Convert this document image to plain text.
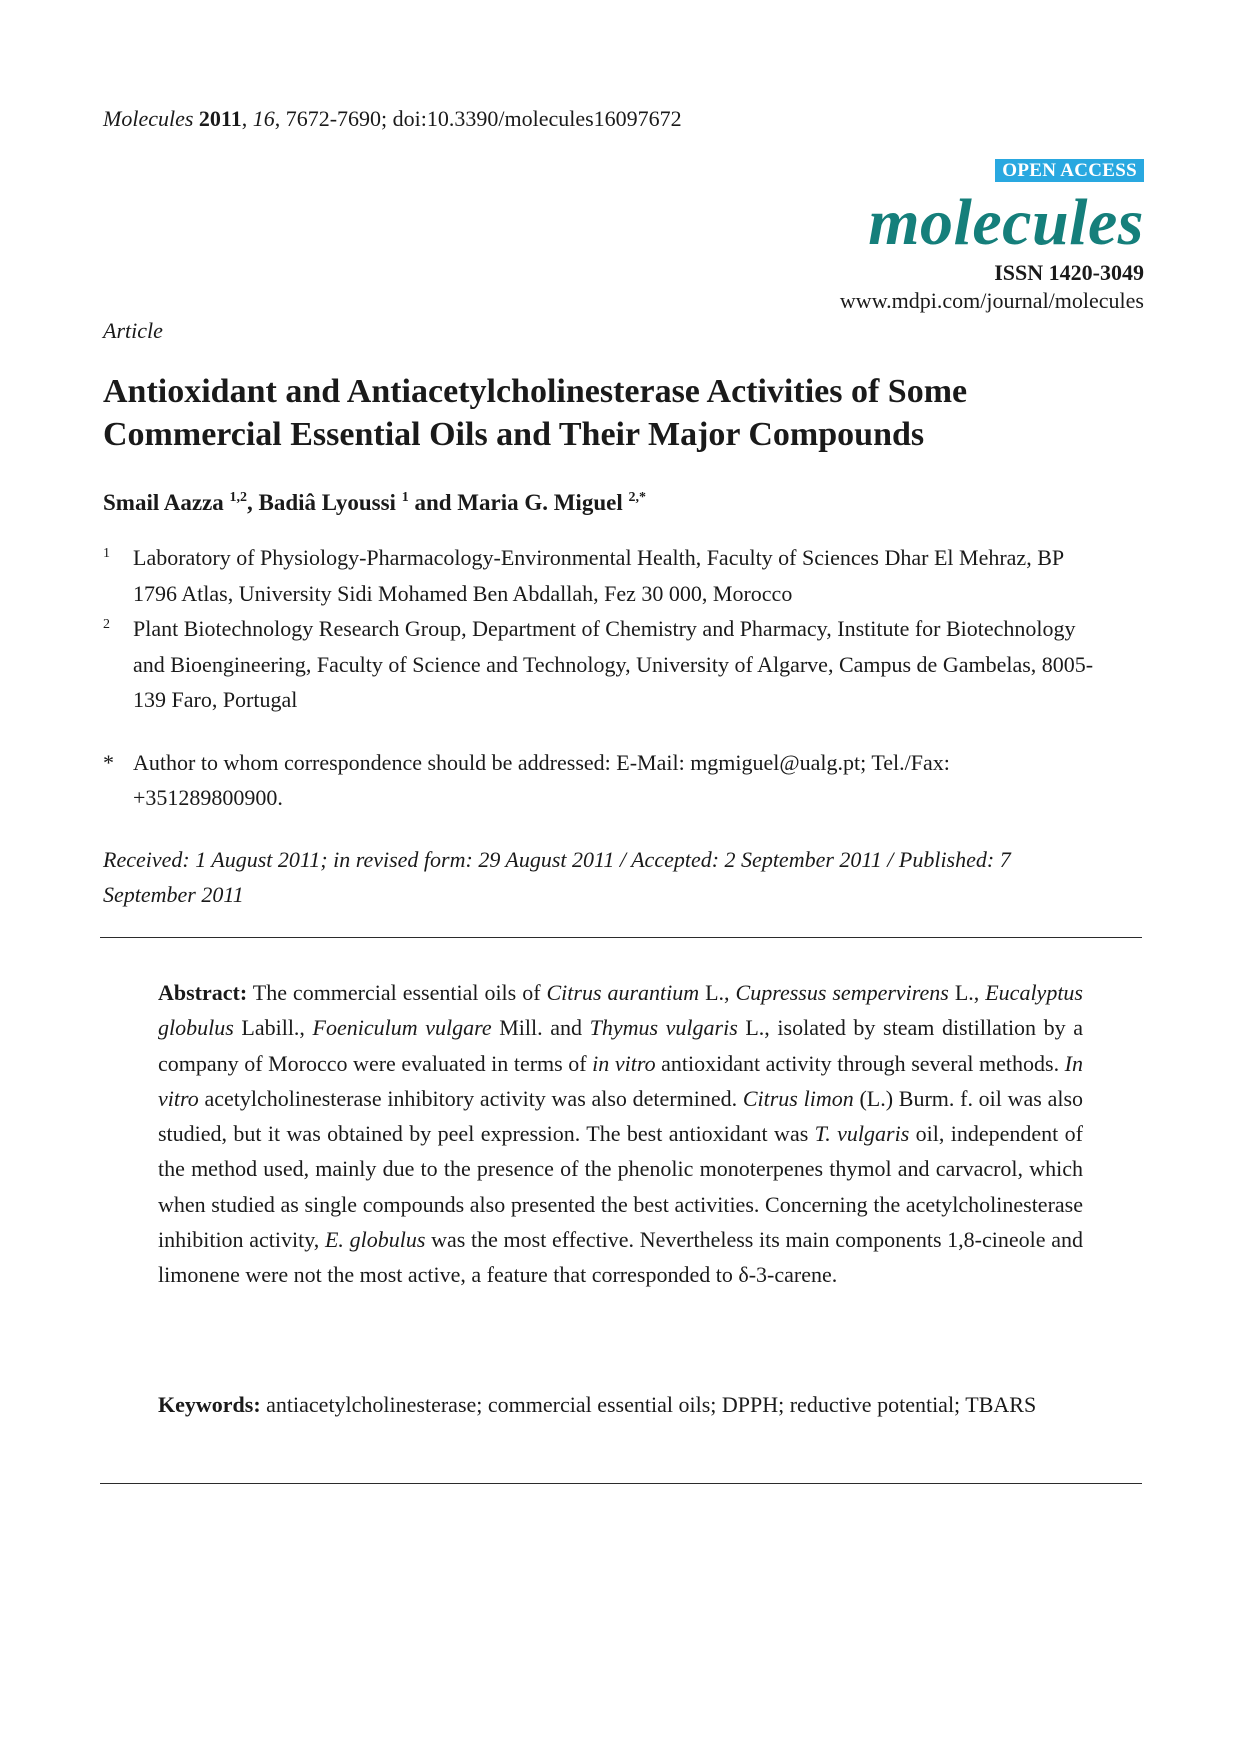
Molecules 2011, 16, 7672-7690; doi:10.3390/molecules16097672
OPEN ACCESS
molecules
ISSN 1420-3049
www.mdpi.com/journal/molecules
Article
Antioxidant and Antiacetylcholinesterase Activities of Some
Commercial Essential Oils and Their Major Compounds
Smail Aazza $^{1,2}$, Badiâ Lyoussi $^1$ and Maria G. Miguel $^{2,*}$
1 Laboratory of Physiology-Pharmacology-Environmental Health, Faculty of Sciences Dhar El Mehraz, BP 1796 Atlas, University Sidi Mohamed Ben Abdallah, Fez 30 000, Morocco
2 Plant Biotechnology Research Group, Department of Chemistry and Pharmacy, Institute for Biotechnology and Bioengineering, Faculty of Science and Technology, University of Algarve, Campus de Gambelas, 8005-139 Faro, Portugal
* Author to whom correspondence should be addressed: E-Mail: mgmiguel@ualg.pt; Tel./Fax: +351289800900.
Received: 1 August 2011; in revised form: 29 August 2011 / Accepted: 2 September 2011 / Published: 7 September 2011
Abstract: The commercial essential oils of Citrus aurantium L., Cupressus sempervirens L., Eucalyptus globulus Labill., Foeniculum vulgare Mill. and Thymus vulgaris L., isolated by steam distillation by a company of Morocco were evaluated in terms of in vitro antioxidant activity through several methods. In vitro acetylcholinesterase inhibitory activity was also determined. Citrus limon (L.) Burm. f. oil was also studied, but it was obtained by peel expression. The best antioxidant was T. vulgaris oil, independent of the method used, mainly due to the presence of the phenolic monoterpenes thymol and carvacrol, which when studied as single compounds also presented the best activities. Concerning the acetylcholinesterase inhibition activity, E. globulus was the most effective. Nevertheless its main components 1,8-cineole and limonene were not the most active, a feature that corresponded to δ-3-carene.
Keywords: antiacetylcholinesterase; commercial essential oils; DPPH; reductive potential; TBARS
